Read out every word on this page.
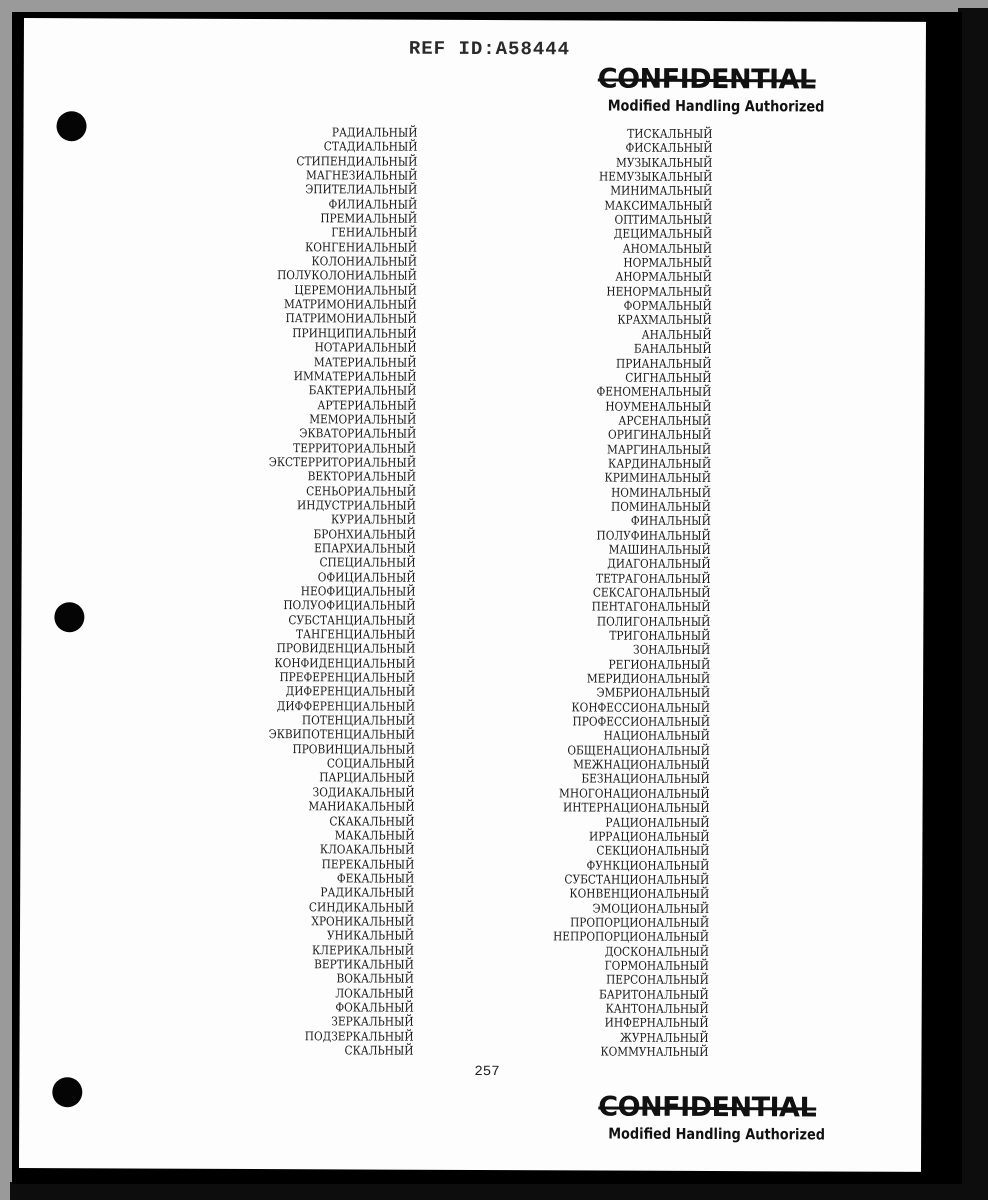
REF ID:A58444
CONFIDENTIAL
Modified Handling Authorized
РАДИАЛЬНЫЙ
СТАДИАЛЬНЫЙ
СТИПЕНДИАЛЬНЫЙ
МАГНЕЗИАЛЬНЫЙ
ЭПИТЕЛИАЛЬНЫЙ
ФИЛИАЛЬНЫЙ
ПРЕМИАЛЬНЫЙ
ГЕНИАЛЬНЫЙ
КОНГЕНИАЛЬНЫЙ
КОЛОНИАЛЬНЫЙ
ПОЛУКОЛОНИАЛЬНЫЙ
ЦЕРЕМОНИАЛЬНЫЙ
МАТРИМОНИАЛЬНЫЙ
ПАТРИМОНИАЛЬНЫЙ
ПРИНЦИПИАЛЬНЫЙ
НОТАРИАЛЬНЫЙ
МАТЕРИАЛЬНЫЙ
ИММАТЕРИАЛЬНЫЙ
БАКТЕРИАЛЬНЫЙ
АРТЕРИАЛЬНЫЙ
МЕМОРИАЛЬНЫЙ
ЭКВАТОРИАЛЬНЫЙ
ТЕРРИТОРИАЛЬНЫЙ
ЭКСТЕРРИТОРИАЛЬНЫЙ
ВЕКТОРИАЛЬНЫЙ
СЕНЬОРИАЛЬНЫЙ
ИНДУСТРИАЛЬНЫЙ
КУРИАЛЬНЫЙ
БРОНХИАЛЬНЫЙ
ЕПАРХИАЛЬНЫЙ
СПЕЦИАЛЬНЫЙ
ОФИЦИАЛЬНЫЙ
НЕОФИЦИАЛЬНЫЙ
ПОЛУОФИЦИАЛЬНЫЙ
СУБСТАНЦИАЛЬНЫЙ
ТАНГЕНЦИАЛЬНЫЙ
ПРОВИДЕНЦИАЛЬНЫЙ
КОНФИДЕНЦИАЛЬНЫЙ
ПРЕФЕРЕНЦИАЛЬНЫЙ
ДИФЕРЕНЦИАЛЬНЫЙ
ДИФФЕРЕНЦИАЛЬНЫЙ
ПОТЕНЦИАЛЬНЫЙ
ЭКВИПОТЕНЦИАЛЬНЫЙ
ПРОВИНЦИАЛЬНЫЙ
СОЦИАЛЬНЫЙ
ПАРЦИАЛЬНЫЙ
ЗОДИАКАЛЬНЫЙ
МАНИАКАЛЬНЫЙ
СКАКАЛЬНЫЙ
МАКАЛЬНЫЙ
КЛОАКАЛЬНЫЙ
ПЕРЕКАЛЬНЫЙ
ФЕКАЛЬНЫЙ
РАДИКАЛЬНЫЙ
СИНДИКАЛЬНЫЙ
ХРОНИКАЛЬНЫЙ
УНИКАЛЬНЫЙ
КЛЕРИКАЛЬНЫЙ
ВЕРТИКАЛЬНЫЙ
ВОКАЛЬНЫЙ
ЛОКАЛЬНЫЙ
ФОКАЛЬНЫЙ
ЗЕРКАЛЬНЫЙ
ПОДЗЕРКАЛЬНЫЙ
СКАЛЬНЫЙ
ТИСКАЛЬНЫЙ
ФИСКАЛЬНЫЙ
МУЗЫКАЛЬНЫЙ
НЕМУЗЫКАЛЬНЫЙ
МИНИМАЛЬНЫЙ
МАКСИМАЛЬНЫЙ
ОПТИМАЛЬНЫЙ
ДЕЦИМАЛЬНЫЙ
АНОМАЛЬНЫЙ
НОРМАЛЬНЫЙ
АНОРМАЛЬНЫЙ
НЕНОРМАЛЬНЫЙ
ФОРМАЛЬНЫЙ
КРАХМАЛЬНЫЙ
АНАЛЬНЫЙ
БАНАЛЬНЫЙ
ПРИАНАЛЬНЫЙ
СИГНАЛЬНЫЙ
ФЕНОМЕНАЛЬНЫЙ
НОУМЕНАЛЬНЫЙ
АРСЕНАЛЬНЫЙ
ОРИГИНАЛЬНЫЙ
МАРГИНАЛЬНЫЙ
КАРДИНАЛЬНЫЙ
КРИМИНАЛЬНЫЙ
НОМИНАЛЬНЫЙ
ПОМИНАЛЬНЫЙ
ФИНАЛЬНЫЙ
ПОЛУФИНАЛЬНЫЙ
МАШИНАЛЬНЫЙ
ДИАГОНАЛЬНЫЙ
ТЕТРАГОНАЛЬНЫЙ
СЕКСАГОНАЛЬНЫЙ
ПЕНТАГОНАЛЬНЫЙ
ПОЛИГОНАЛЬНЫЙ
ТРИГОНАЛЬНЫЙ
ЗОНАЛЬНЫЙ
РЕГИОНАЛЬНЫЙ
МЕРИДИОНАЛЬНЫЙ
ЭМБРИОНАЛЬНЫЙ
КОНФЕССИОНАЛЬНЫЙ
ПРОФЕССИОНАЛЬНЫЙ
НАЦИОНАЛЬНЫЙ
ОБЩЕНАЦИОНАЛЬНЫЙ
МЕЖНАЦИОНАЛЬНЫЙ
БЕЗНАЦИОНАЛЬНЫЙ
МНОГОНАЦИОНАЛЬНЫЙ
ИНТЕРНАЦИОНАЛЬНЫЙ
РАЦИОНАЛЬНЫЙ
ИРРАЦИОНАЛЬНЫЙ
СЕКЦИОНАЛЬНЫЙ
ФУНКЦИОНАЛЬНЫЙ
СУБСТАНЦИОНАЛЬНЫЙ
КОНВЕНЦИОНАЛЬНЫЙ
ЭМОЦИОНАЛЬНЫЙ
ПРОПОРЦИОНАЛЬНЫЙ
НЕПРОПОРЦИОНАЛЬНЫЙ
ДОСКОНАЛЬНЫЙ
ГОРМОНАЛЬНЫЙ
ПЕРСОНАЛЬНЫЙ
БАРИТОНАЛЬНЫЙ
КАНТОНАЛЬНЫЙ
ИНФЕРНАЛЬНЫЙ
ЖУРНАЛЬНЫЙ
КОММУНАЛЬНЫЙ
257
CONFIDENTIAL
Modified Handling Authorized
